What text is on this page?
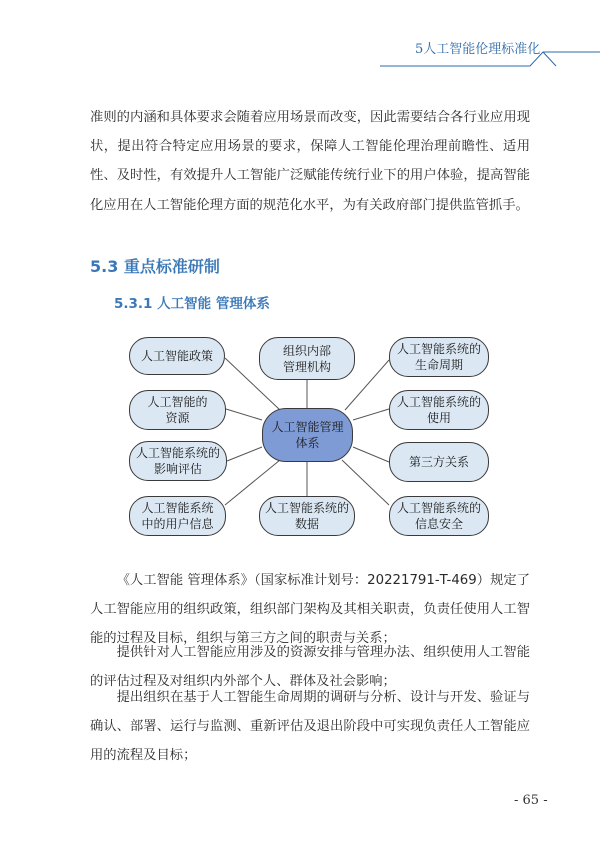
5人工智能伦理标准化

准则的内涵和具体要求会随着应用场景而改变，因此需要结合各行业应用现状，提出符合特定应用场景的要求，保障人工智能伦理治理前瞻性、适用性、及时性，有效提升人工智能广泛赋能传统行业下的用户体验，提高智能化应用在人工智能伦理方面的规范化水平，为有关政府部门提供监管抓手。

5.3 重点标准研制
5.3.1 人工智能 管理体系
人工智能政策	组织内部
管理机构
人工智能系统的
生命周期
人工智能的
资源
人工智能系统的
使用
人工智能管理
体系
人工智能系统的
影响评估	第三方关系
人工智能系统
中的用户信息
人工智能系统的
数据
人工智能系统的
信息安全

《人工智能 管理体系》（国家标准计划号：20221791-T-469）规定了人工智能应用的组织政策，组织部门架构及其相关职责，负责任使用人工智能的过程及目标，组织与第三方之间的职责与关系；

提供针对人工智能应用涉及的资源安排与管理办法、组织使用人工智能的评估过程及对组织内外部个人、群体及社会影响；

提出组织在基于人工智能生命周期的调研与分析、设计与开发、验证与确认、部署、运行与监测、重新评估及退出阶段中可实现负责任人工智能应用的流程及目标；

- 65 -
